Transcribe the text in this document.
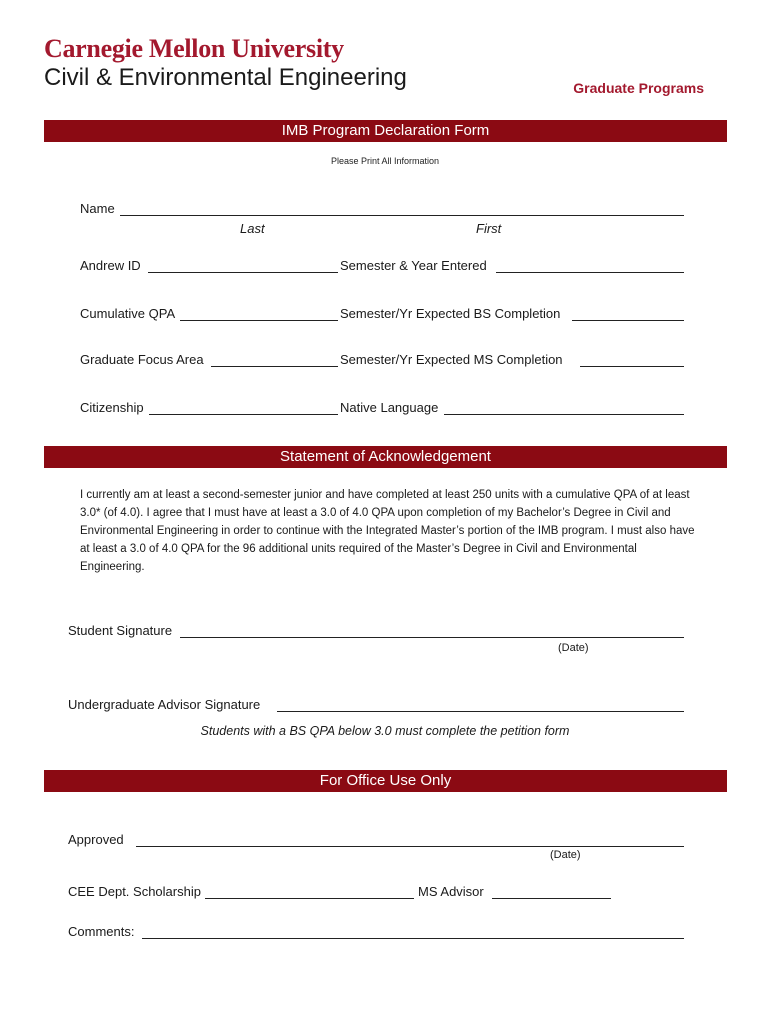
Carnegie Mellon University
Civil & Environmental Engineering	Graduate Programs
IMB Program Declaration Form
Please Print All Information
Name
Last	First
Andrew ID	Semester & Year Entered
Cumulative QPA	Semester/Yr Expected BS Completion
Graduate Focus Area	Semester/Yr Expected MS Completion
Citizenship	Native Language
Statement of Acknowledgement
I currently am at least a second-semester junior and have completed at least 250 units with a cumulative QPA of at least 3.0* (of 4.0). I agree that I must have at least a 3.0 of 4.0 QPA upon completion of my Bachelor’s Degree in Civil and Environmental Engineering in order to continue with the Integrated Master’s portion of the IMB program. I must also have at least a 3.0 of 4.0 QPA for the 96 additional units required of the Master’s Degree in Civil and Environmental Engineering.
Student Signature
(Date)
Undergraduate Advisor Signature
Students with a BS QPA below 3.0 must complete the petition form
For Office Use Only
Approved
(Date)
CEE Dept. Scholarship	MS Advisor
Comments:
